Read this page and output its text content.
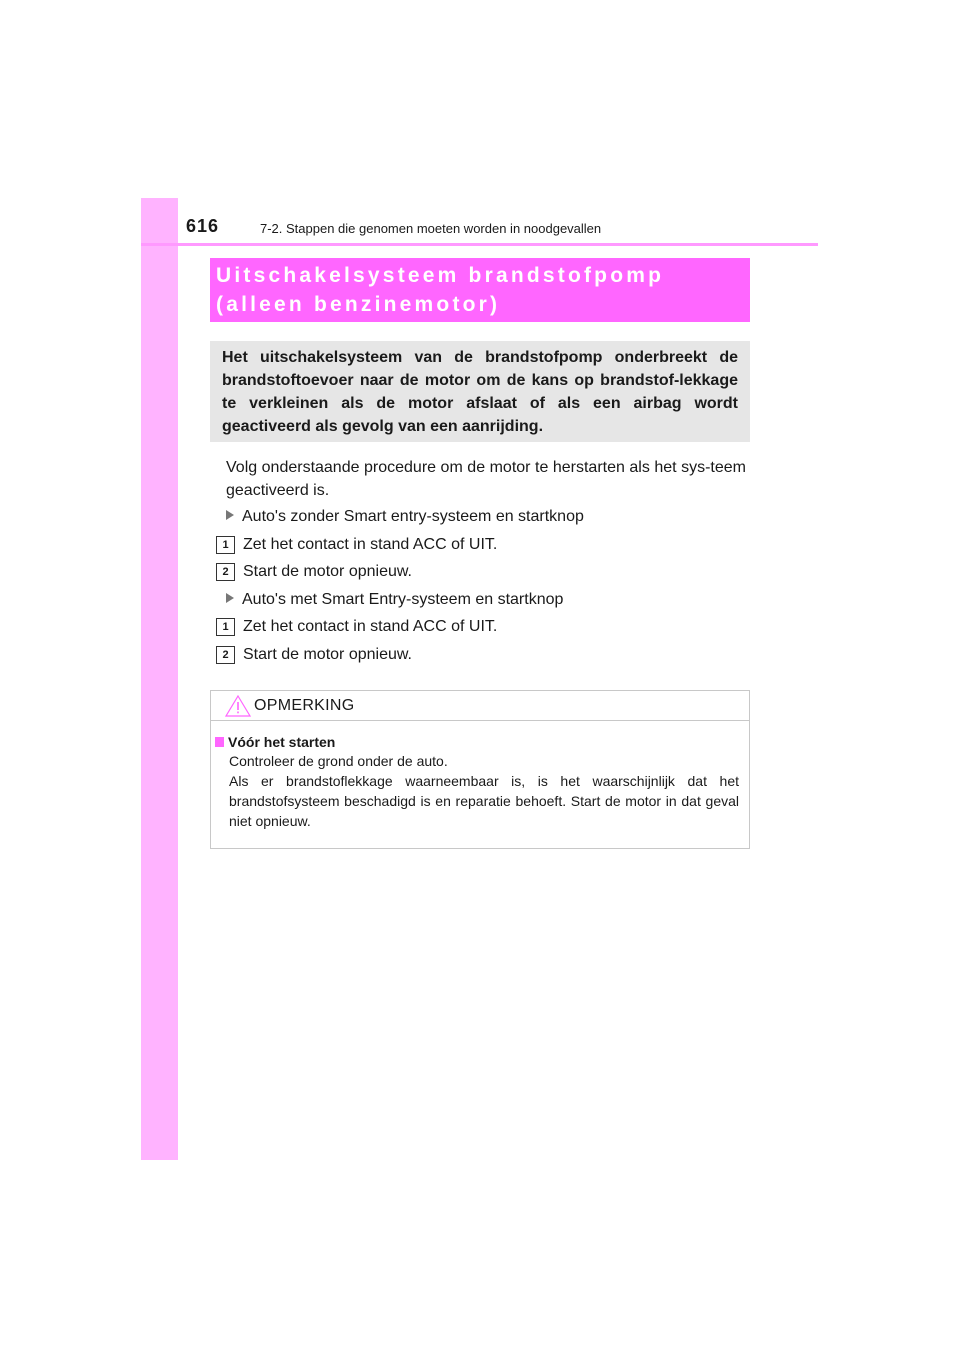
616	7-2. Stappen die genomen moeten worden in noodgevallen
Uitschakelsysteem brandstofpomp
(alleen benzinemotor)

Het uitschakelsysteem van de brandstofpomp onderbreekt de brandstoftoevoer naar de motor om de kans op brandstof-lekkage te verkleinen als de motor afslaat of als een airbag wordt geactiveerd als gevolg van een aanrijding.

Volg onderstaande procedure om de motor te herstarten als het sys-teem geactiveerd is.

Auto's zonder Smart entry-systeem en startknop
1 Zet het contact in stand ACC of UIT.
2 Start de motor opnieuw.
Auto's met Smart Entry-systeem en startknop
1 Zet het contact in stand ACC of UIT.
2 Start de motor opnieuw.
OPMERKING
Vóór het starten

Controleer de grond onder de auto.

Als er brandstoflekkage waarneembaar is, is het waarschijnlijk dat het brandstofsysteem beschadigd is en reparatie behoeft. Start de motor in dat geval niet opnieuw.
